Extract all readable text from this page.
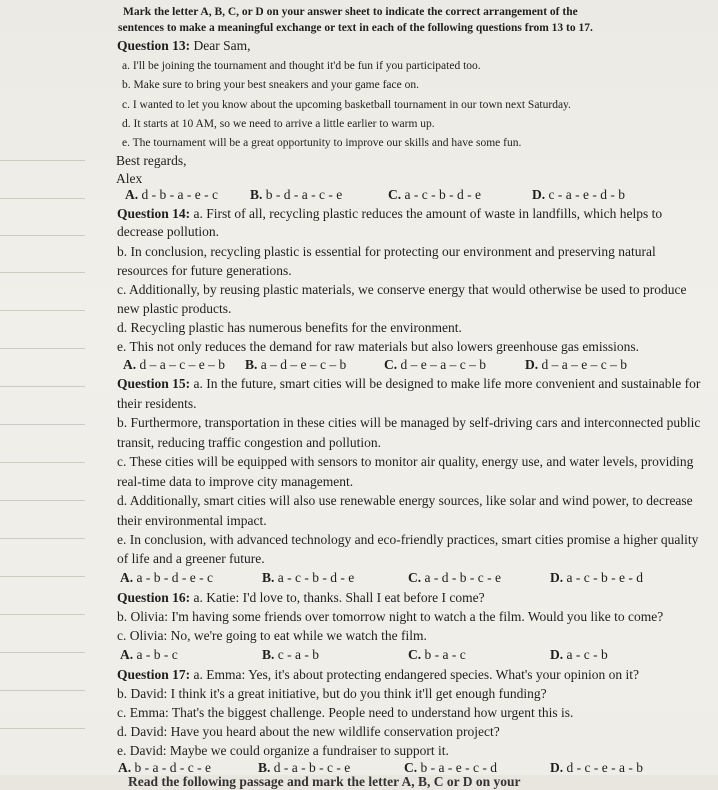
Mark the letter A, B, C, or D on your answer sheet to indicate the correct arrangement of the
sentences to make a meaningful exchange or text in each of the following questions from 13 to 17.
Question 13: Dear Sam,
a. I'll be joining the tournament and thought it'd be fun if you participated too.
b. Make sure to bring your best sneakers and your game face on.
c. I wanted to let you know about the upcoming basketball tournament in our town next Saturday.
d. It starts at 10 AM, so we need to arrive a little earlier to warm up.
e. The tournament will be a great opportunity to improve our skills and have some fun.
Best regards,
Alex
A. d - b - a - e - c B. b - d - a - c - e	C. a - c - b - d - e	D. c - a - e - d - b
Question 14: a. First of all, recycling plastic reduces the amount of waste in landfills, which helps to
decrease pollution.
b. In conclusion, recycling plastic is essential for protecting our environment and preserving natural
resources for future generations.
c. Additionally, by reusing plastic materials, we conserve energy that would otherwise be used to produce
new plastic products.
d. Recycling plastic has numerous benefits for the environment.
e. This not only reduces the demand for raw materials but also lowers greenhouse gas emissions.
A. d – a – c – e – b B. a – d – e – c – b	C. d – e – a – c – b	D. d – a – e – c – b
Question 15: a. In the future, smart cities will be designed to make life more convenient and sustainable for
their residents.
b. Furthermore, transportation in these cities will be managed by self-driving cars and interconnected public
transit, reducing traffic congestion and pollution.
c. These cities will be equipped with sensors to monitor air quality, energy use, and water levels, providing
real-time data to improve city management.
d. Additionally, smart cities will also use renewable energy sources, like solar and wind power, to decrease
their environmental impact.
e. In conclusion, with advanced technology and eco-friendly practices, smart cities promise a higher quality
of life and a greener future.
A. a - b - d - e - c	B. a - c - b - d - e	C. a - d - b - c - e	D. a - c - b - e - d
Question 16: a. Katie: I'd love to, thanks. Shall I eat before I come?
b. Olivia: I'm having some friends over tomorrow night to watch a the film. Would you like to come?
c. Olivia: No, we're going to eat while we watch the film.
A. a - b - c	B. c - a - b	C. b - a - c	D. a - c - b
Question 17: a. Emma: Yes, it's about protecting endangered species. What's your opinion on it?
b. David: I think it's a great initiative, but do you think it'll get enough funding?
c. Emma: That's the biggest challenge. People need to understand how urgent this is.
d. David: Have you heard about the new wildlife conservation project?
e. David: Maybe we could organize a fundraiser to support it.
A. b - a - d - c - e	B. d - a - b - c - e	C. b - a - e - c - d	D. d - c - e - a - b
Read the following passage and mark the letter A, B, C or D on your
